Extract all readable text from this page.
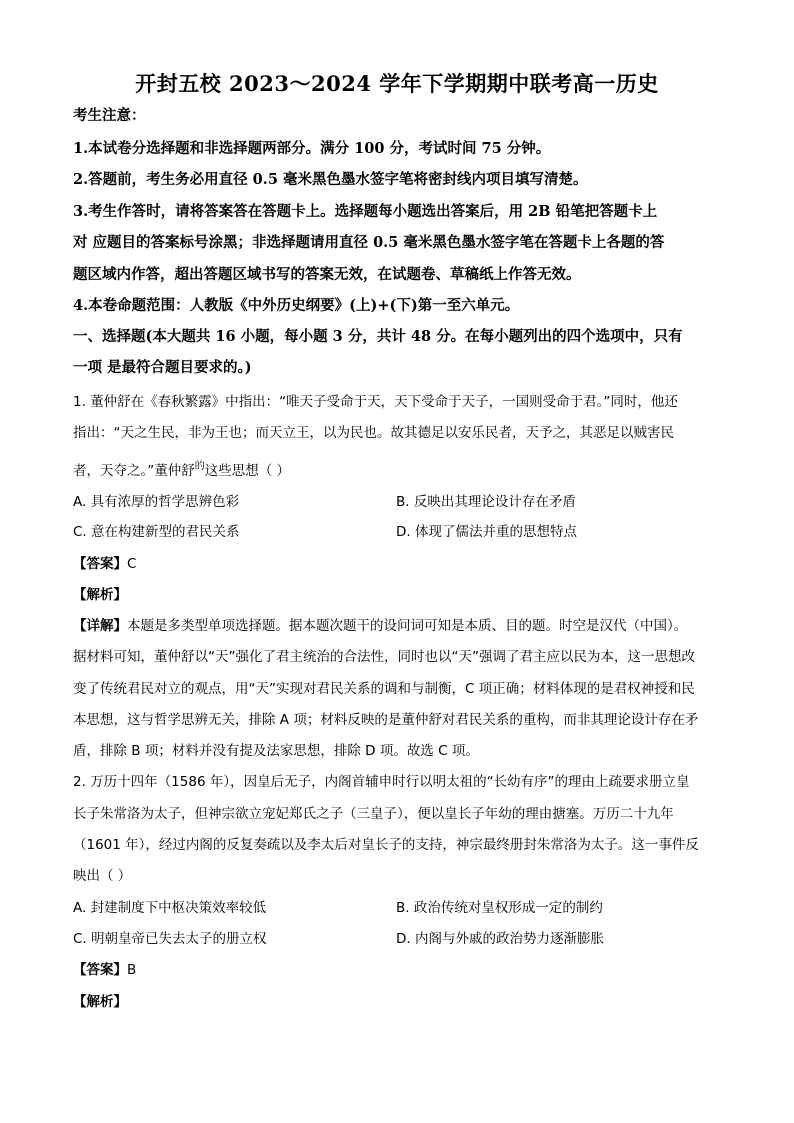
开封五校 2023～2024 学年下学期期中联考高一历史
考生注意：
1.本试卷分选择题和非选择题两部分。满分 100 分，考试时间 75 分钟。
2.答题前，考生务必用直径 0.5 毫米黑色墨水签字笔将密封线内项目填写清楚。
3.考生作答时，请将答案答在答题卡上。选择题每小题选出答案后，用 2B 铅笔把答题卡上
对 应题目的答案标号涂黑；非选择题请用直径 0.5 毫米黑色墨水签字笔在答题卡上各题的答
题区域内作答，超出答题区域书写的答案无效，在试题卷、草稿纸上作答无效。
4.本卷命题范围：人教版《中外历史纲要》(上)+(下)第一至六单元。
一、选择题(本大题共 16 小题，每小题 3 分，共计 48 分。在每小题列出的四个选项中，只有
一项 是最符合题目要求的。)
1. 董仲舒在《春秋繁露》中指出：“唯天子受命于天，天下受命于天子，一国则受命于君。”同时，他还
指出：“天之生民，非为王也；而天立王，以为民也。故其德足以安乐民者，天予之，其恶足以贼害民
者，天夺之。”董仲舒$^的$这些思想（ ）
A. 具有浓厚的哲学思辨色彩	B. 反映出其理论设计存在矛盾
C. 意在构建新型的君民关系	D. 体现了儒法并重的思想特点
【答案】C
【解析】
【详解】本题是多类型单项选择题。据本题次题干的设问词可知是本质、目的题。时空是汉代（中国）。
据材料可知，董仲舒以“天”强化了君主统治的合法性，同时也以“天”强调了君主应以民为本，这一思想改
变了传统君民对立的观点，用“天”实现对君民关系的调和与制衡，C 项正确；材料体现的是君权神授和民
本思想，这与哲学思辨无关，排除 A 项；材料反映的是董仲舒对君民关系的重构，而非其理论设计存在矛
盾，排除 B 项；材料并没有提及法家思想，排除 D 项。故选 C 项。
2. 万历十四年（1586 年），因皇后无子，内阁首辅申时行以明太祖的“长幼有序”的理由上疏要求册立皇
长子朱常洛为太子，但神宗欲立宠妃郑氏之子（三皇子），便以皇长子年幼的理由搪塞。万历二十九年
（1601 年），经过内阁的反复奏疏以及李太后对皇长子的支持，神宗最终册封朱常洛为太子。这一事件反
映出（ ）
A. 封建制度下中枢决策效率较低	B. 政治传统对皇权形成一定的制约
C. 明朝皇帝已失去太子的册立权	D. 内阁与外戚的政治势力逐渐膨胀
【答案】B
【解析】
